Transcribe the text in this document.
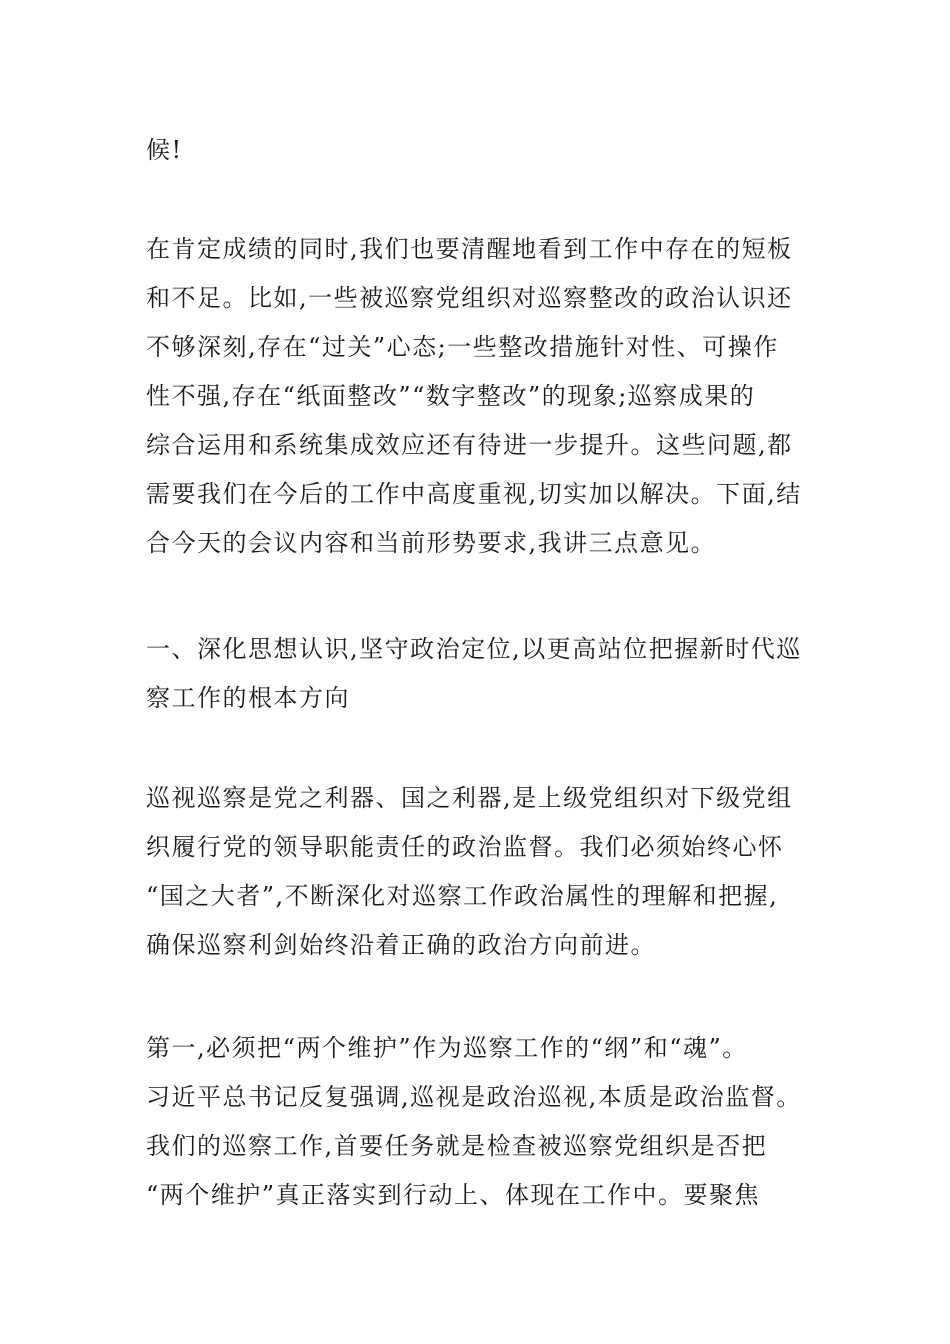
候!
在肯定成绩的同时,我们也要清醒地看到工作中存在的短板
和不足。比如,一些被巡察党组织对巡察整改的政治认识还
不够深刻,存在“过关”心态;一些整改措施针对性、可操作
性不强,存在“纸面整改”“数字整改”的现象;巡察成果的
综合运用和系统集成效应还有待进一步提升。这些问题,都
需要我们在今后的工作中高度重视,切实加以解决。下面,结
合今天的会议内容和当前形势要求,我讲三点意见。
一、深化思想认识,坚守政治定位,以更高站位把握新时代巡
察工作的根本方向
巡视巡察是党之利器、国之利器,是上级党组织对下级党组
织履行党的领导职能责任的政治监督。我们必须始终心怀
“国之大者”,不断深化对巡察工作政治属性的理解和把握,
确保巡察利剑始终沿着正确的政治方向前进。
第一,必须把“两个维护”作为巡察工作的“纲”和“魂”。
习近平总书记反复强调,巡视是政治巡视,本质是政治监督。
我们的巡察工作,首要任务就是检查被巡察党组织是否把
“两个维护”真正落实到行动上、体现在工作中。要聚焦
